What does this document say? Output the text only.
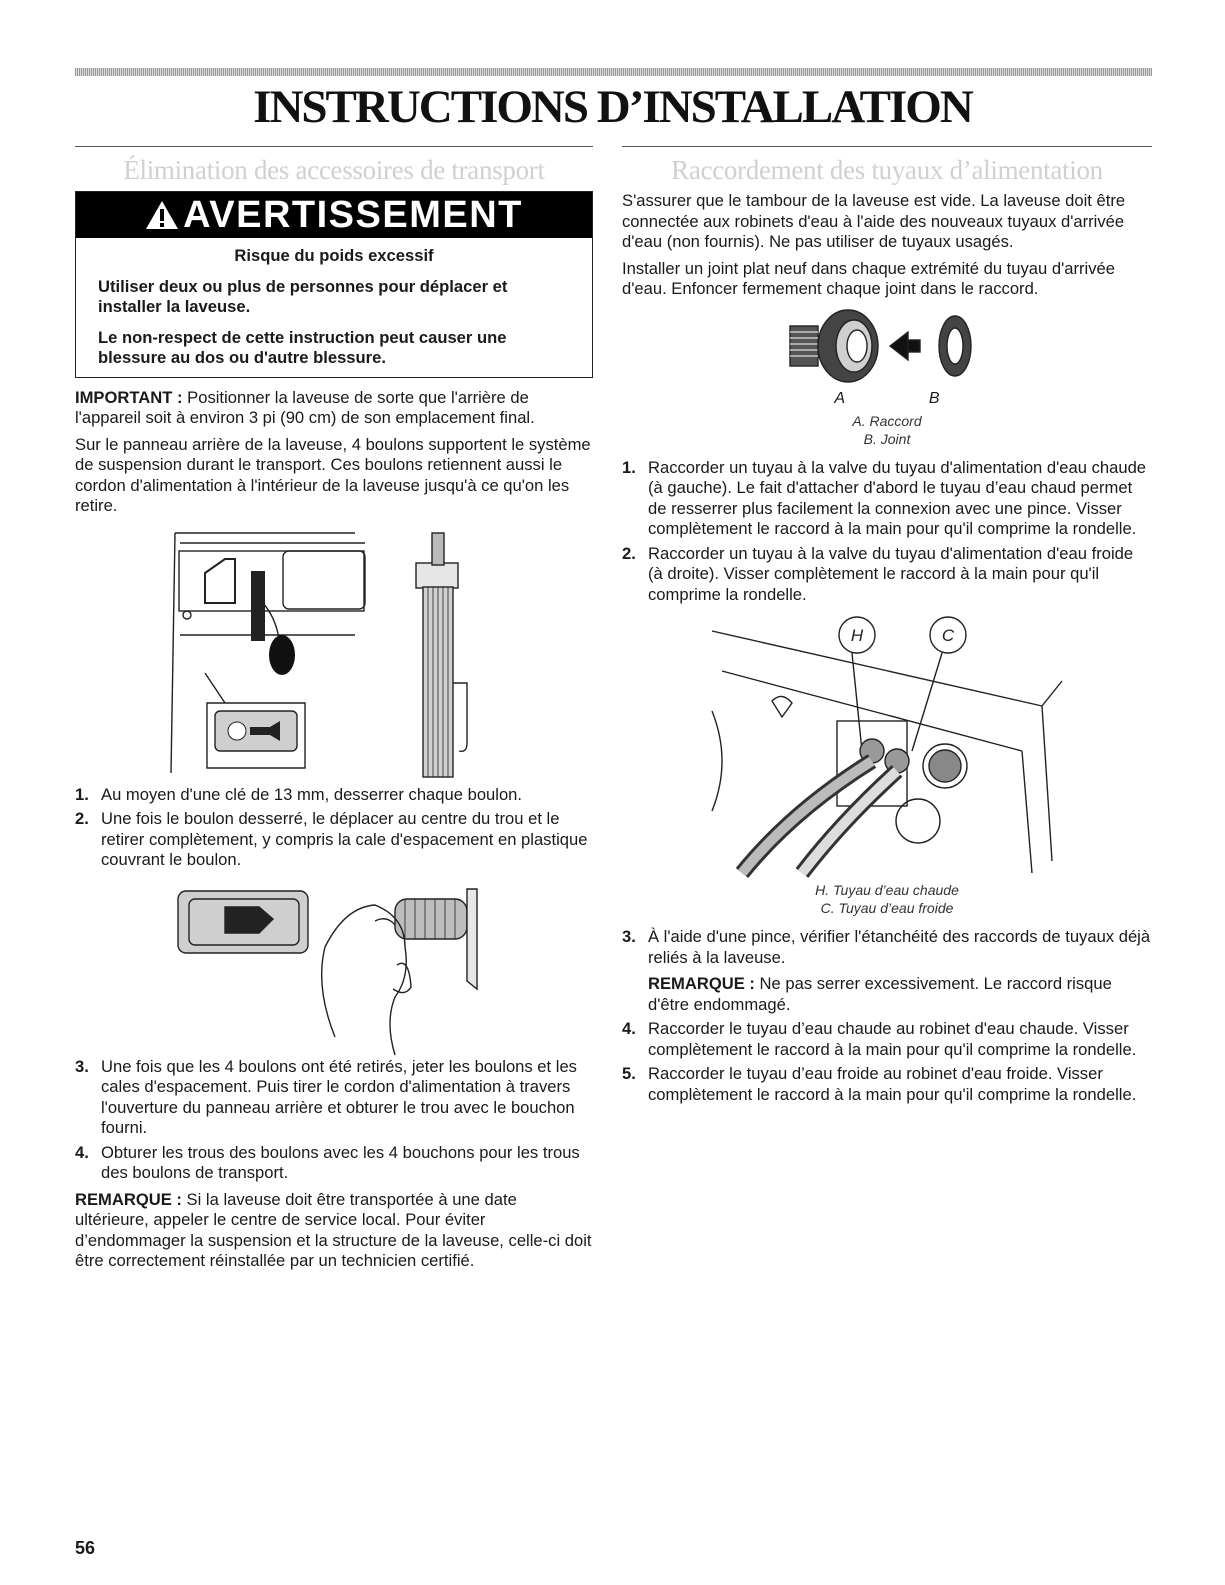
INSTRUCTIONS D’INSTALLATION
Élimination des accessoires de transport
AVERTISSEMENT
Risque du poids excessif
Utiliser deux ou plus de personnes pour déplacer et installer la laveuse.
Le non-respect de cette instruction peut causer une blessure au dos ou d'autre blessure.

IMPORTANT : Positionner la laveuse de sorte que l'arrière de l'appareil soit à environ 3 pi (90 cm) de son emplacement final.

Sur le panneau arrière de la laveuse, 4 boulons supportent le système de suspension durant le transport. Ces boulons retiennent aussi le cordon d'alimentation à l'intérieur de la laveuse jusqu'à ce qu'on les retire.

1. Au moyen d'une clé de 13 mm, desserrer chaque boulon.
2. Une fois le boulon desserré, le déplacer au centre du trou et le retirer complètement, y compris la cale d'espacement en plastique couvrant le boulon.
3. Une fois que les 4 boulons ont été retirés, jeter les boulons et les cales d'espacement. Puis tirer le cordon d'alimentation à travers l'ouverture du panneau arrière et obturer le trou avec le bouchon fourni.
4. Obturer les trous des boulons avec les 4 bouchons pour les trous des boulons de transport.

REMARQUE : Si la laveuse doit être transportée à une date ultérieure, appeler le centre de service local. Pour éviter d’endommager la suspension et la structure de la laveuse, celle-ci doit être correctement réinstallée par un technicien certifié.

Raccordement des tuyaux d’alimentation

S'assurer que le tambour de la laveuse est vide. La laveuse doit être connectée aux robinets d'eau à l'aide des nouveaux tuyaux d'arrivée d'eau (non fournis). Ne pas utiliser de tuyaux usagés.

Installer un joint plat neuf dans chaque extrémité du tuyau d'arrivée d'eau. Enfoncer fermement chaque joint dans le raccord.

A B
A. Raccord
B. Joint
1. Raccorder un tuyau à la valve du tuyau d'alimentation d'eau chaude (à gauche). Le fait d'attacher d'abord le tuyau d’eau chaud permet de resserrer plus facilement la connexion avec une pince. Visser complètement le raccord à la main pour qu'il comprime la rondelle.
2. Raccorder un tuyau à la valve du tuyau d'alimentation d'eau froide (à droite). Visser complètement le raccord à la main pour qu'il comprime la rondelle.
H	C
H. Tuyau d’eau chaude
C. Tuyau d’eau froide
3. À l'aide d'une pince, vérifier l'étanchéité des raccords de tuyaux déjà reliés à la laveuse.

REMARQUE : Ne pas serrer excessivement. Le raccord risque d'être endommagé.

4. Raccorder le tuyau d’eau chaude au robinet d'eau chaude. Visser complètement le raccord à la main pour qu'il comprime la rondelle.
5. Raccorder le tuyau d’eau froide au robinet d'eau froide. Visser complètement le raccord à la main pour qu'il comprime la rondelle.
56
